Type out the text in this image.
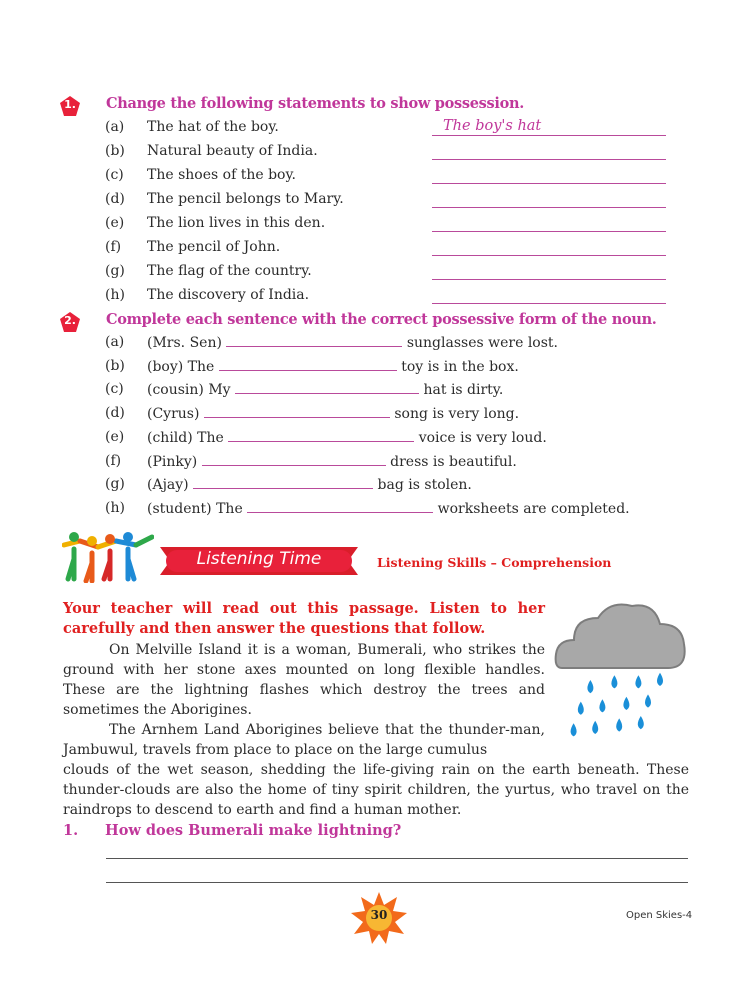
1.	Change the following statements to show possession.
(a) The hat of the boy.	The boy's hat
(b) Natural beauty of India.
(c) The shoes of the boy.
(d) The pencil belongs to Mary.
(e) The lion lives in this den.
(f) The pencil of John.
(g) The flag of the country.
(h) The discovery of India.
2.	Complete each sentence with the correct possessive form of the noun.
(a) (Mrs. Sen)	sunglasses were lost.
(b) (boy) The	toy is in the box.
(c) (cousin) My	hat is dirty.
(d) (Cyrus)	song is very long.
(e) (child) The	voice is very loud.
(f) (Pinky)	dress is beautiful.
(g) (Ajay)	bag is stolen.
(h) (student) The	worksheets are completed.
Listening Time	Listening Skills – Comprehension
Your teacher will read out this passage. Listen to her carefully and then answer the questions that follow.
On Melville Island it is a woman, Bumerali, who strikes the ground with her stone axes mounted on long flexible handles. These are the lightning flashes which destroy the trees and sometimes the Aborigines.
The Arnhem Land Aborigines believe that the thunder-man, Jambuwul, travels from place to place on the large cumulus
clouds of the wet season, shedding the life-giving rain on the earth beneath. These thunder-clouds are also the home of tiny spirit children, the yurtus, who travel on the raindrops to descend to earth and find a human mother.
1. How does Bumerali make lightning?
30	Open Skies-4
